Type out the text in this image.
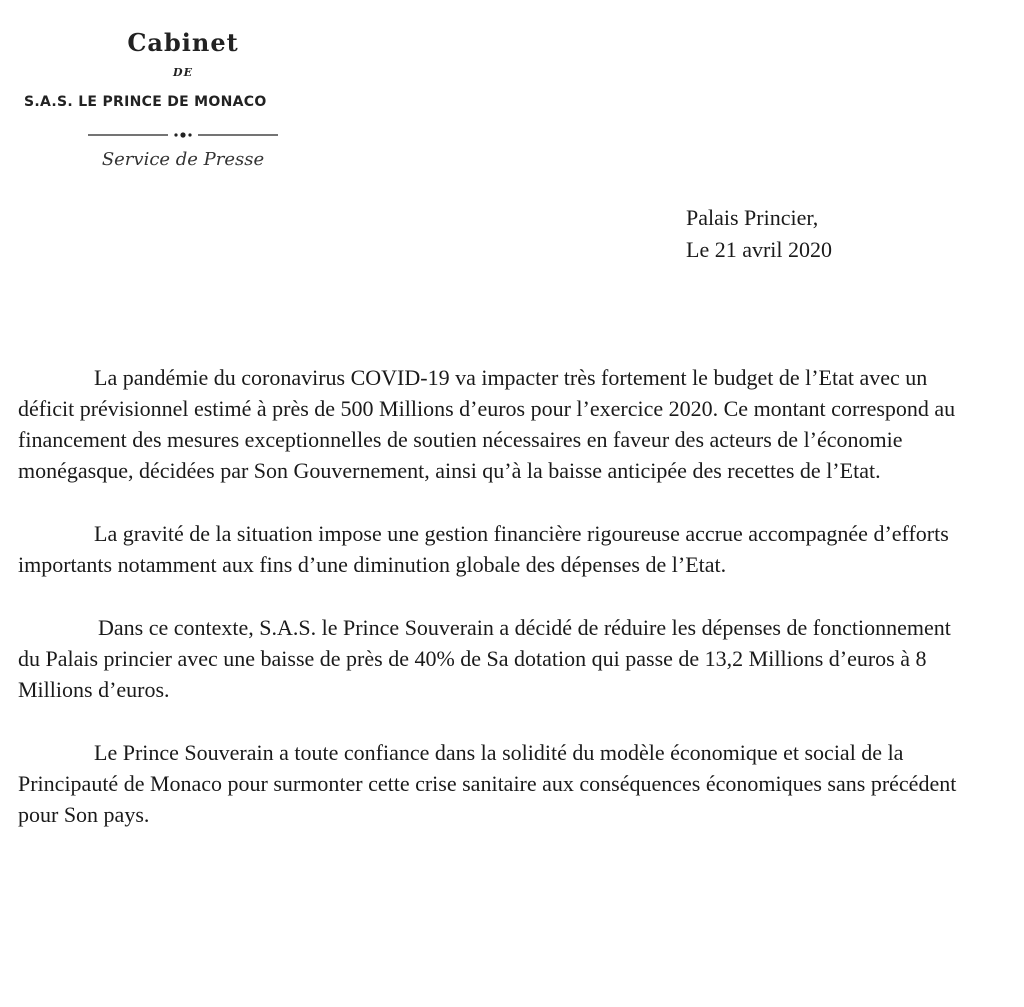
Cabinet
DE
S.A.S. LE PRINCE DE MONACO
Service de Presse
Palais Princier,
Le 21 avril 2020

La pandémie du coronavirus COVID-19 va impacter très fortement le budget de l’Etat avec un déficit prévisionnel estimé à près de 500 Millions d’euros pour l’exercice 2020. Ce montant correspond au financement des mesures exceptionnelles de soutien nécessaires en faveur des acteurs de l’économie monégasque, décidées par Son Gouvernement, ainsi qu’à la baisse anticipée des recettes de l’Etat.

La gravité de la situation impose une gestion financière rigoureuse accrue accompagnée d’efforts importants notamment aux fins d’une diminution globale des dépenses de l’Etat.

Dans ce contexte, S.A.S. le Prince Souverain a décidé de réduire les dépenses de fonctionnement du Palais princier avec une baisse de près de 40% de Sa dotation qui passe de 13,2 Millions d’euros à 8 Millions d’euros.

Le Prince Souverain a toute confiance dans la solidité du modèle économique et social de la Principauté de Monaco pour surmonter cette crise sanitaire aux conséquences économiques sans précédent pour Son pays.
